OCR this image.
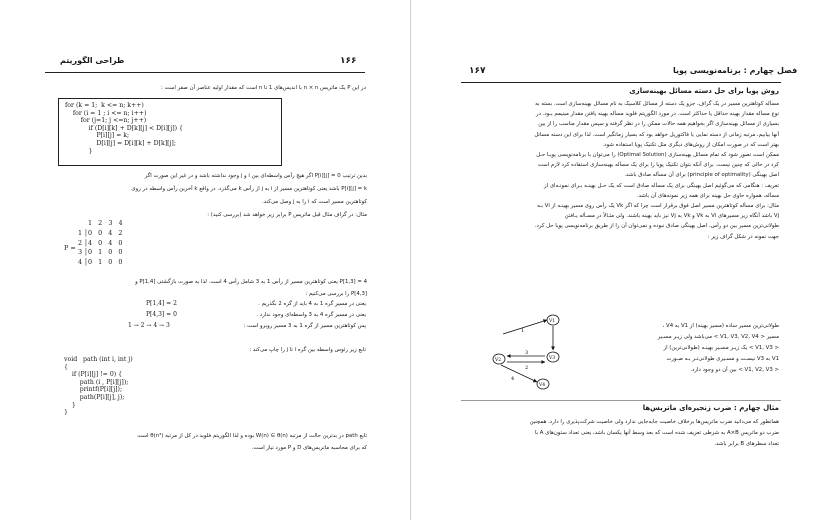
۱۶۶
طراحی الگوریتم
در این P یک ماتریس n × n با اندیس‌های 1 تا n است که مقدار اولیه عناصر آن صفر است :
for (k = 1;  k <= n; k++)
for (i = 1 ; i <= n; i++)
for (j=1; j <=n; j++)
if (D[i][k] + D[k][j] < D[i][j]) {
P[i][j] = k;
D[i][j] = D[i][k] + D[k][j];
}
بدین ترتیب P[i][j] = 0 اگر هیچ رأس واسطه‌ای بین i و j وجود نداشته باشد و در غیر این صورت اگر
P[i][j] = k باشد یعنی کوتاهترین مسیر از i به j از رأس k می‌گذرد. در واقع k آخرین رأس واسطه در روی
کوتاهترین مسیر است که i را به j وصل می‌کند.
مثال: در گراف مثال قبل ماتریس P برابر زیر خواهد شد (بررسی کنید) :
P =
1   2   3   4
1 │0   0   4   2
2 │4   0   4   0
3 │0   1   0   0
4 │0   1   0   0
P[1,3] = 4 یعنی کوتاهترین مسیر از رأس 1 به 3 شامل رأس 4 است. لذا به صورت بازگشتی P[1,4] و
P[4,3] را بررسی می‌کنیم :
P[1,4] = 2	یعنی در مسیر گره 1 به 4 باید از گره 2 بگذریم .
P[4,3] = 0	یعنی در مسیر گره 4 به 3 واسطه‌ای وجود ندارد .
1 → 2 → 4 → 3	پس کوتاهترین مسیر از گره 1 به 3 مسیر روبرو است :
تابع زیر رئوس واسطه بین گره i تا j را چاپ می‌کند :
void   path (int i, int j)
{
if (P[i][j] != 0) {
path (i , P[i][j]);
printf(P[i][j]);
path(P[i][j], j);
}
}
تابع path در بدترین حالت از مرتبه W(n) ∈ θ(n) بوده و لذا الگوریتم فلوید در کل از مرتبه θ(n³) است
که برای محاسبه ماتریس‌های D و P مورد نیاز است.
۱۶۷	فصل چهارم : برنامه‌نویسی پویا
روش پویا برای حل دسته مسائل بهینه‌سازی
مسأله کوتاهترین مسیر در یک گراف، جزو یک دسته از مسائل کلاسیک به نام مسائل بهینه‌سازی است. بسته به
نوع مسأله مقدار بهینه حداقل یا حداکثر است. در مورد الگوریتم فلوید مسأله بهینه یافتن مقدار مینیمم بـود. در
بسیاری از مسائل بهینه‌سازی اگر بخواهیم همه حالات ممکن را در نظر گرفته و سپس مقدار مناسب را از بین
آنها بیابیم، مرتبه زمانی از دسته نمایی یا فاکتوریل خواهد بود که بسیار زمانگیر است. لذا برای این دسته مسائل
بهتر است که در صورت امکان از روش‌های دیگری مثل تکنیک پویا استفاده شود.
ممکن است تصور شود که تمام مسائل بهینه‌سازی (Optimal Solution) را می‌توان با برنامه‌نویسی پویـا حـل
کرد در حالی که چنین نیست. برای آنکه بتوان تکنیک پویا را برای یک مسأله بهینه‌سازی استفاده کرد لازم است
اصل بهینگی (principle of optimality) برای آن مسأله صادق باشد.
تعریف : هنگامی که می‌گوئیم اصل بهینگی برای یک مسأله صادق است که یک حـل بهینـه بـرای نمونـه‌ای از
مسأله، همواره حاوی حل بهینه برای همه زیر نمونه‌های آن باشد.
مثال: برای مسأله کوتاهترین مسیر اصل فوق برقرار است چرا که اگر Vk یک رأس روی مسیر بهینـه از Vi بـه
Vj باشد آنگاه زیر مسیرهای Vi به Vk و Vk به Vj نیز باید بهینه باشند. ولی مثـالاً در مسـأله یـافتن
طولانی‌ترین مسیر بین دو رأس، اصل بهینگی صادق نبوده و نمی‌توان آن را از طریق برنامه‌نویسی پویا حل کرد.
جهت نمونه در شکل گراف زیر :
V1
V2	V3
V4
1
3
2
4
طولانی‌ترین مسیر ساده (مسیر بهینه) از V1 به V4 ،
مسیر < V1, V3, V2, V4 > می‌باشد ولی زیـر مسـیر
< V1, V3 > یک زیـر مسـیر بهینـه (طولانی‌ترین) از
V1 به V3 نیسـت و مسـیری طولانی‌تـر بـه صـورت
< V1, V2, V3 > بین آن دو وجود دارد.
مثال چهارم : ضرب زنجیره‌ای ماتریس‌ها
همانطور که می‌دانید ضرب ماتریس‌ها برخلاف خاصیت جابه‌جایی ندارد ولی خاصیت شرکت‌پذیری را دارد. همچنین
ضرب دو ماتریس A×B به شرطی تعریف شده است که بعد وسط آنها یکسان باشد، یعنی تعداد ستون‌های A با
تعداد سطرهای B برابر باشد.
